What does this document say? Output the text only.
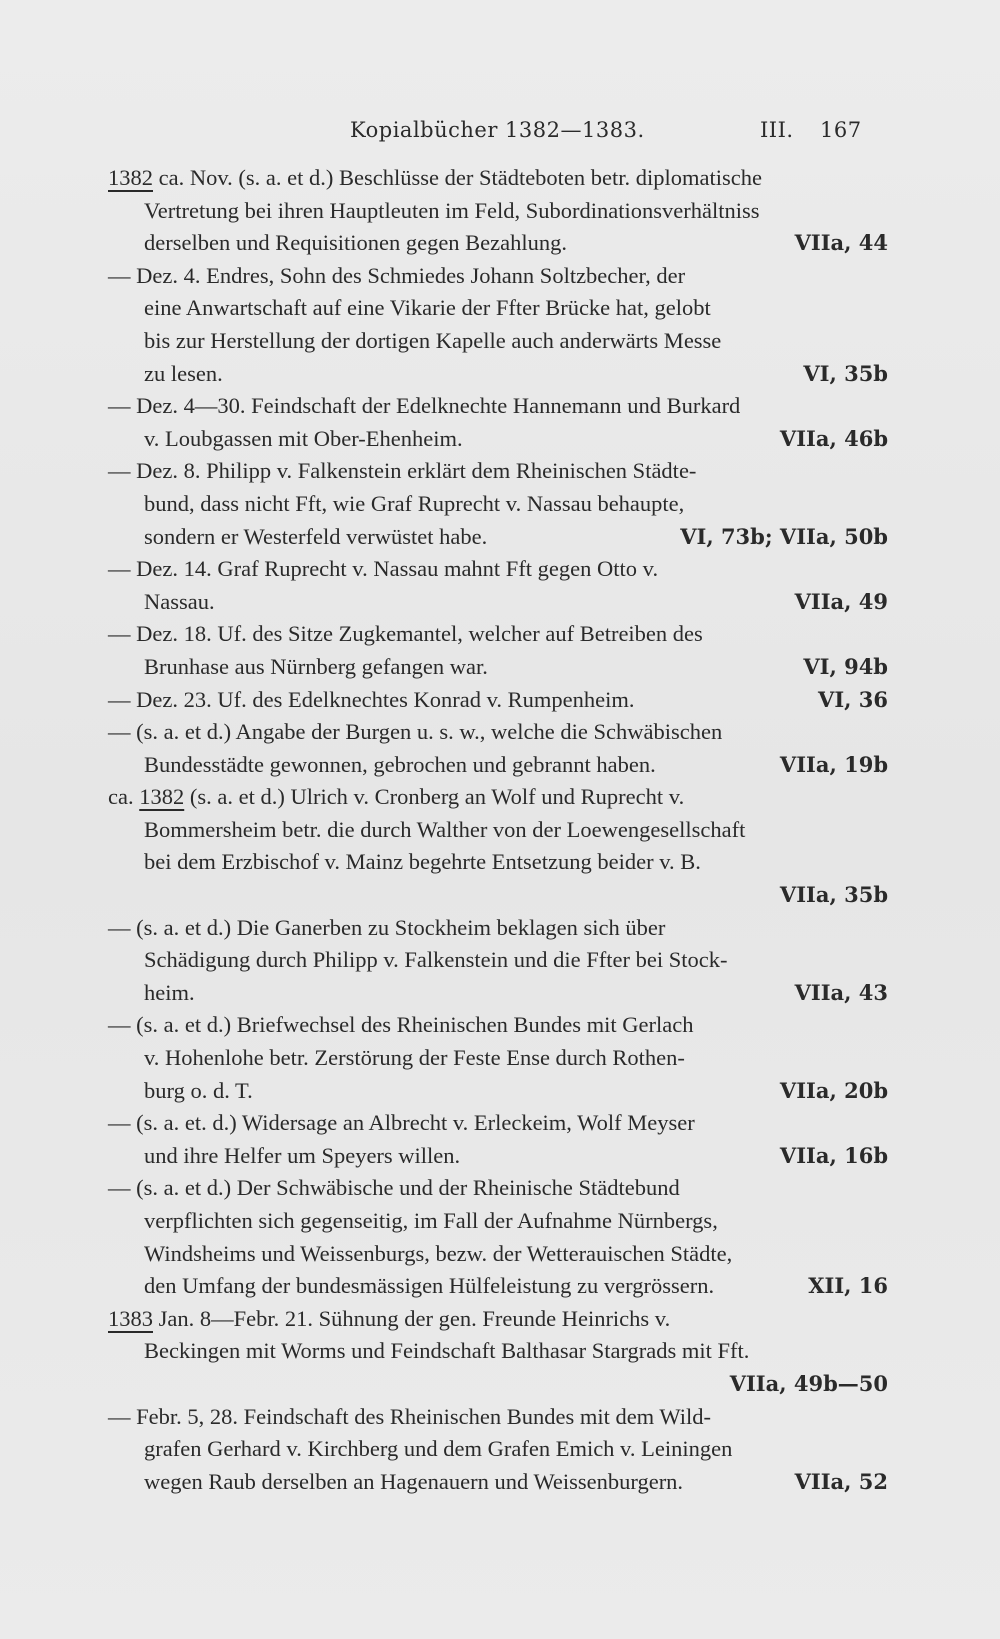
Kopialbücher 1382—1383.	III. 167
1382 ca. Nov. (s. a. et d.) Beschlüsse der Städteboten betr. diplomatische
Vertretung bei ihren Hauptleuten im Feld, Subordinationsverhältniss
derselben und Requisitionen gegen Bezahlung.	VIIa, 44
— Dez. 4. Endres, Sohn des Schmiedes Johann Soltzbecher, der
eine Anwartschaft auf eine Vikarie der Ffter Brücke hat, gelobt
bis zur Herstellung der dortigen Kapelle auch anderwärts Messe
zu lesen.	VI, 35b
— Dez. 4—30. Feindschaft der Edelknechte Hannemann und Burkard
v. Loubgassen mit Ober-Ehenheim.	VIIa, 46b
— Dez. 8. Philipp v. Falkenstein erklärt dem Rheinischen Städte-
bund, dass nicht Fft, wie Graf Ruprecht v. Nassau behaupte,
sondern er Westerfeld verwüstet habe.	VI, 73b; VIIa, 50b
— Dez. 14. Graf Ruprecht v. Nassau mahnt Fft gegen Otto v.
Nassau.	VIIa, 49
— Dez. 18. Uf. des Sitze Zugkemantel, welcher auf Betreiben des
Brunhase aus Nürnberg gefangen war.	VI, 94b
— Dez. 23. Uf. des Edelknechtes Konrad v. Rumpenheim.	VI, 36
— (s. a. et d.) Angabe der Burgen u. s. w., welche die Schwäbischen
Bundesstädte gewonnen, gebrochen und gebrannt haben.	VIIa, 19b
ca. 1382 (s. a. et d.) Ulrich v. Cronberg an Wolf und Ruprecht v.
Bommersheim betr. die durch Walther von der Loewengesellschaft
bei dem Erzbischof v. Mainz begehrte Entsetzung beider v. B.
VIIa, 35b
— (s. a. et d.) Die Ganerben zu Stockheim beklagen sich über
Schädigung durch Philipp v. Falkenstein und die Ffter bei Stock-
heim.	VIIa, 43
— (s. a. et d.) Briefwechsel des Rheinischen Bundes mit Gerlach
v. Hohenlohe betr. Zerstörung der Feste Ense durch Rothen-
burg o. d. T.	VIIa, 20b
— (s. a. et. d.) Widersage an Albrecht v. Erleckeim, Wolf Meyser
und ihre Helfer um Speyers willen.	VIIa, 16b
— (s. a. et d.) Der Schwäbische und der Rheinische Städtebund
verpflichten sich gegenseitig, im Fall der Aufnahme Nürnbergs,
Windsheims und Weissenburgs, bezw. der Wetterauischen Städte,
den Umfang der bundesmässigen Hülfeleistung zu vergrössern.	XII, 16
1383 Jan. 8—Febr. 21. Sühnung der gen. Freunde Heinrichs v.
Beckingen mit Worms und Feindschaft Balthasar Stargrads mit Fft.
VIIa, 49b—50
— Febr. 5, 28. Feindschaft des Rheinischen Bundes mit dem Wild-
grafen Gerhard v. Kirchberg und dem Grafen Emich v. Leiningen
wegen Raub derselben an Hagenauern und Weissenburgern.	VIIa, 52
